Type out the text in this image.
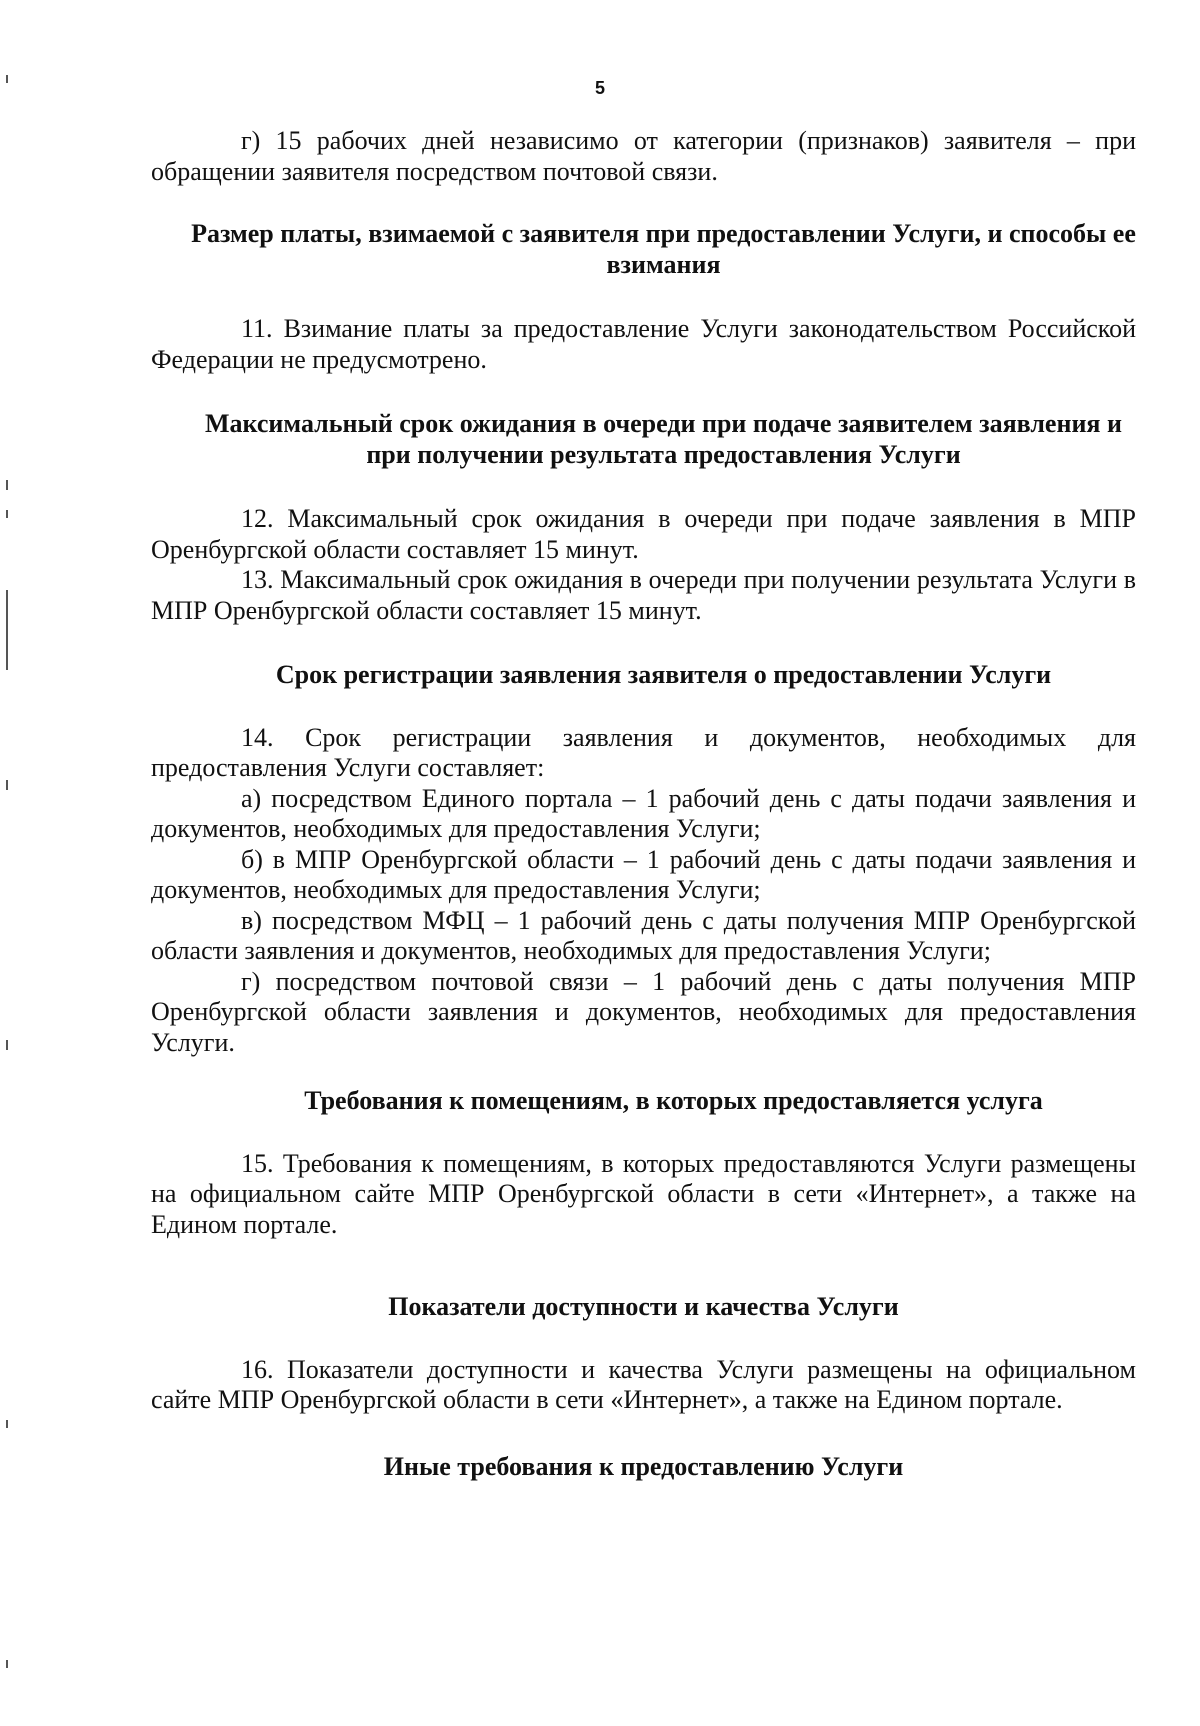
5

г) 15 рабочих дней независимо от категории (признаков) заявителя – при обращении заявителя посредством почтовой связи.

Размер платы, взимаемой с заявителя при предоставлении Услуги, и способы ее взимания

11. Взимание платы за предоставление Услуги законодательством Российской Федерации не предусмотрено.

Максимальный срок ожидания в очереди при подаче заявителем заявления и при получении результата предоставления Услуги

12. Максимальный срок ожидания в очереди при подаче заявления в МПР Оренбургской области составляет 15 минут.

13. Максимальный срок ожидания в очереди при получении результата Услуги в МПР Оренбургской области составляет 15 минут.

Срок регистрации заявления заявителя о предоставлении Услуги

14. Срок регистрации заявления и документов, необходимых для предоставления Услуги составляет:

а) посредством Единого портала – 1 рабочий день с даты подачи заявления и документов, необходимых для предоставления Услуги;

б) в МПР Оренбургской области – 1 рабочий день с даты подачи заявления и документов, необходимых для предоставления Услуги;

в) посредством МФЦ – 1 рабочий день с даты получения МПР Оренбургской области заявления и документов, необходимых для предоставления Услуги;

г) посредством почтовой связи – 1 рабочий день с даты получения МПР Оренбургской области заявления и документов, необходимых для предоставления Услуги.

Требования к помещениям, в которых предоставляется услуга

15. Требования к помещениям, в которых предоставляются Услуги размещены на официальном сайте МПР Оренбургской области в сети «Интернет», а также на Едином портале.

Показатели доступности и качества Услуги

16. Показатели доступности и качества Услуги размещены на официальном сайте МПР Оренбургской области в сети «Интернет», а также на Едином портале.

Иные требования к предоставлению Услуги
